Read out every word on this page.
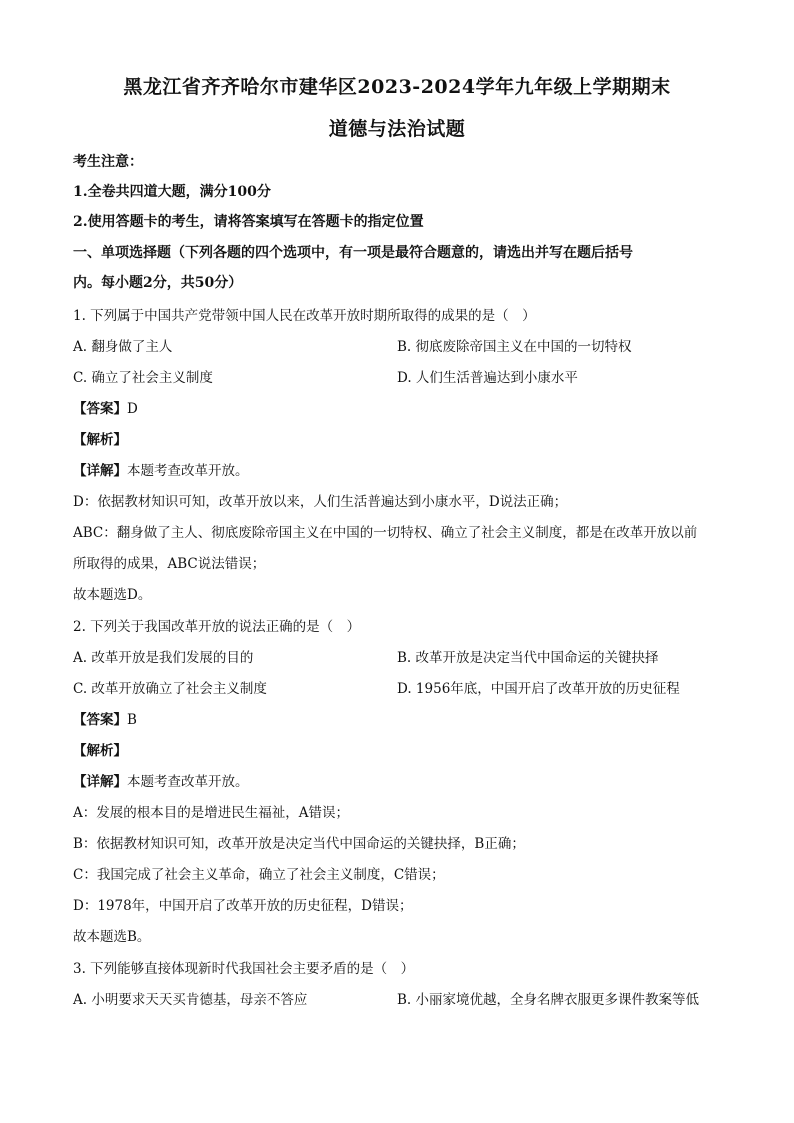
黑龙江省齐齐哈尔市建华区2023-2024学年九年级上学期期末
道德与法治试题
考生注意：
1.全卷共四道大题，满分100分
2.使用答题卡的考生，请将答案填写在答题卡的指定位置
一、单项选择题（下列各题的四个选项中，有一项是最符合题意的，请选出并写在题后括号
内。每小题2分，共50分）
1. 下列属于中国共产党带领中国人民在改革开放时期所取得的成果的是（　）
A. 翻身做了主人	B. 彻底废除帝国主义在中国的一切特权
C. 确立了社会主义制度	D. 人们生活普遍达到小康水平
【答案】D
【解析】
【详解】本题考查改革开放。
D：依据教材知识可知，改革开放以来，人们生活普遍达到小康水平，D说法正确；
ABC：翻身做了主人、彻底废除帝国主义在中国的一切特权、确立了社会主义制度，都是在改革开放以前
所取得的成果，ABC说法错误；
故本题选D。
2. 下列关于我国改革开放的说法正确的是（　）
A. 改革开放是我们发展的目的	B. 改革开放是决定当代中国命运的关键抉择
C. 改革开放确立了社会主义制度	D. 1956年底，中国开启了改革开放的历史征程
【答案】B
【解析】
【详解】本题考查改革开放。
A：发展的根本目的是增进民生福祉，A错误；
B：依据教材知识可知，改革开放是决定当代中国命运的关键抉择，B正确；
C：我国完成了社会主义革命，确立了社会主义制度，C错误；
D：1978年，中国开启了改革开放的历史征程，D错误；
故本题选B。
3. 下列能够直接体现新时代我国社会主要矛盾的是（　）
A. 小明要求天天买肯德基，母亲不答应	B. 小丽家境优越，全身名牌衣服更多课件教案等低
